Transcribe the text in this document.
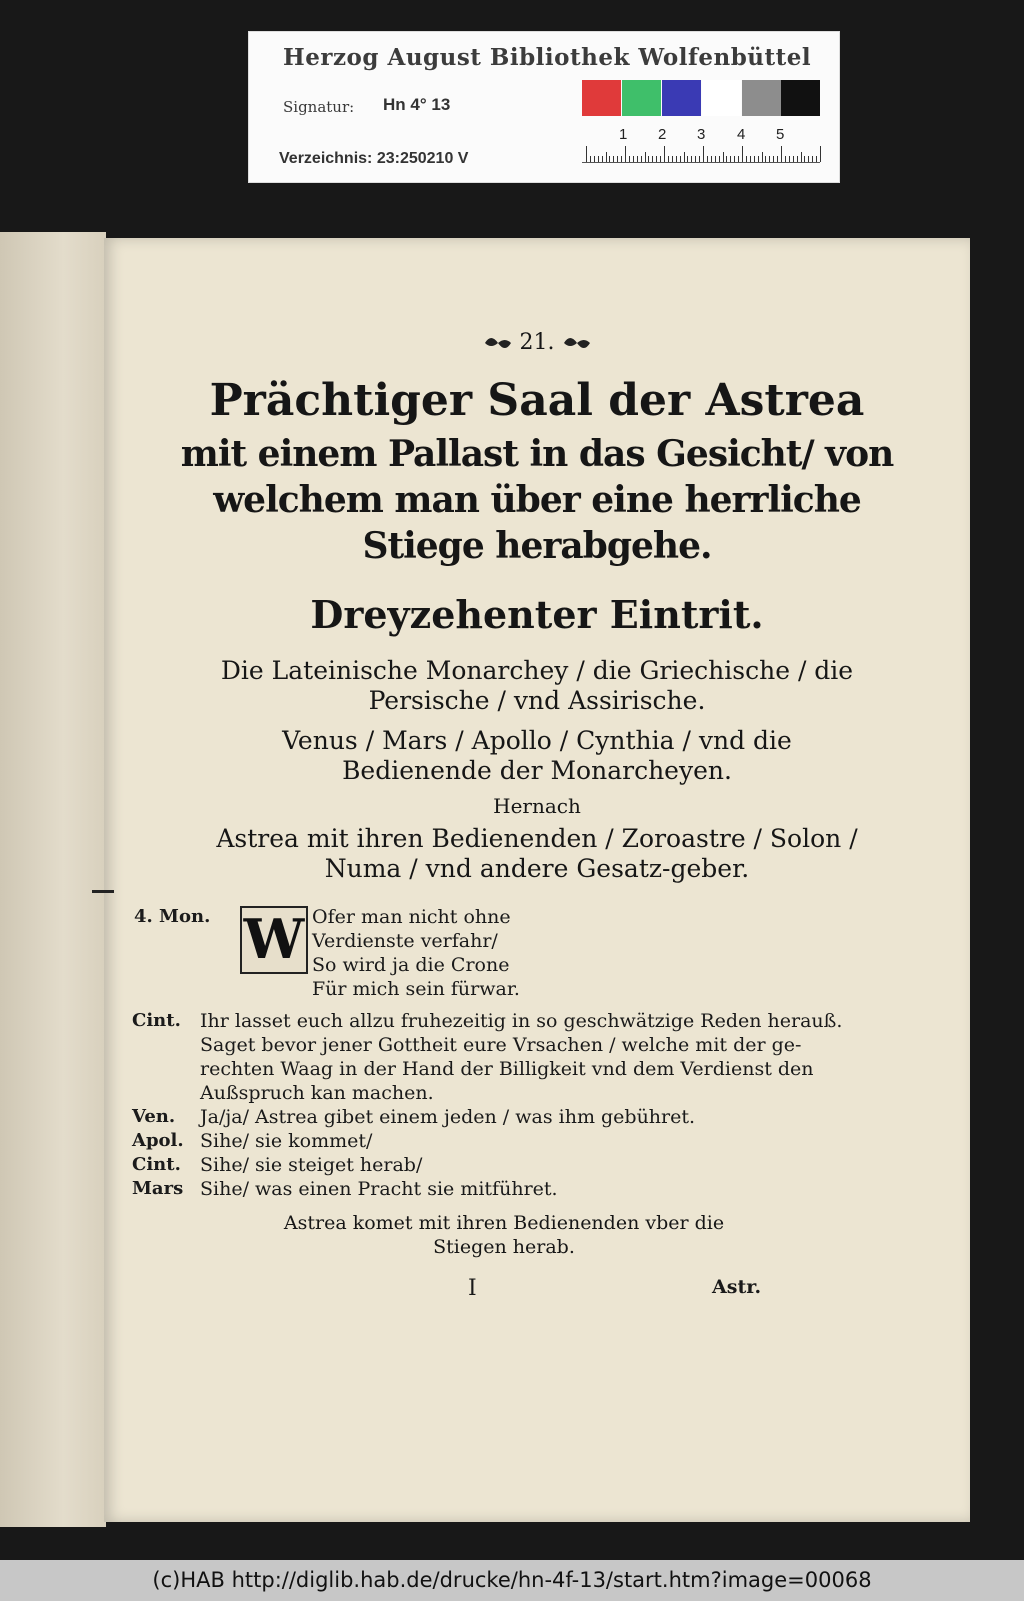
Herzog August Bibliothek Wolfenbüttel
Signatur: Hn 4° 13
Verzeichnis: 23:250210 V
1 2 3 4 5
21.
Prächtiger Saal der Astrea
mit einem Pallast in das Gesicht/ von
welchem man über eine herrliche
Stiege herabgehe.
Dreyzehenter Eintrit.
Die Lateinische Monarchey / die Griechische / die
Persische / vnd Assirische.
Venus / Mars / Apollo / Cynthia / vnd die
Bedienende der Monarcheyen.
Hernach
Astrea mit ihren Bedienenden / Zoroastre / Solon /
Numa / vnd andere Gesatz-geber.
4. Mon. W Ofer man nicht ohne
Verdienste verfahr/
So wird ja die Crone
Für mich sein fürwar.
Cint. Ihr lasset euch allzu fruhezeitig in so geschwätzige Reden herauß.
Saget bevor jener Gottheit eure Vrsachen / welche mit der ge-
rechten Waag in der Hand der Billigkeit vnd dem Verdienst den
Außspruch kan machen.
Ven. Ja/ja/ Astrea gibet einem jeden / was ihm gebühret.
Apol. Sihe/ sie kommet/
Cint. Sihe/ sie steiget herab/
Mars Sihe/ was einen Pracht sie mitführet.
Astrea komet mit ihren Bedienenden vber die
Stiegen herab.
I	Astr.
(c)HAB http://diglib.hab.de/drucke/hn-4f-13/start.htm?image=00068
